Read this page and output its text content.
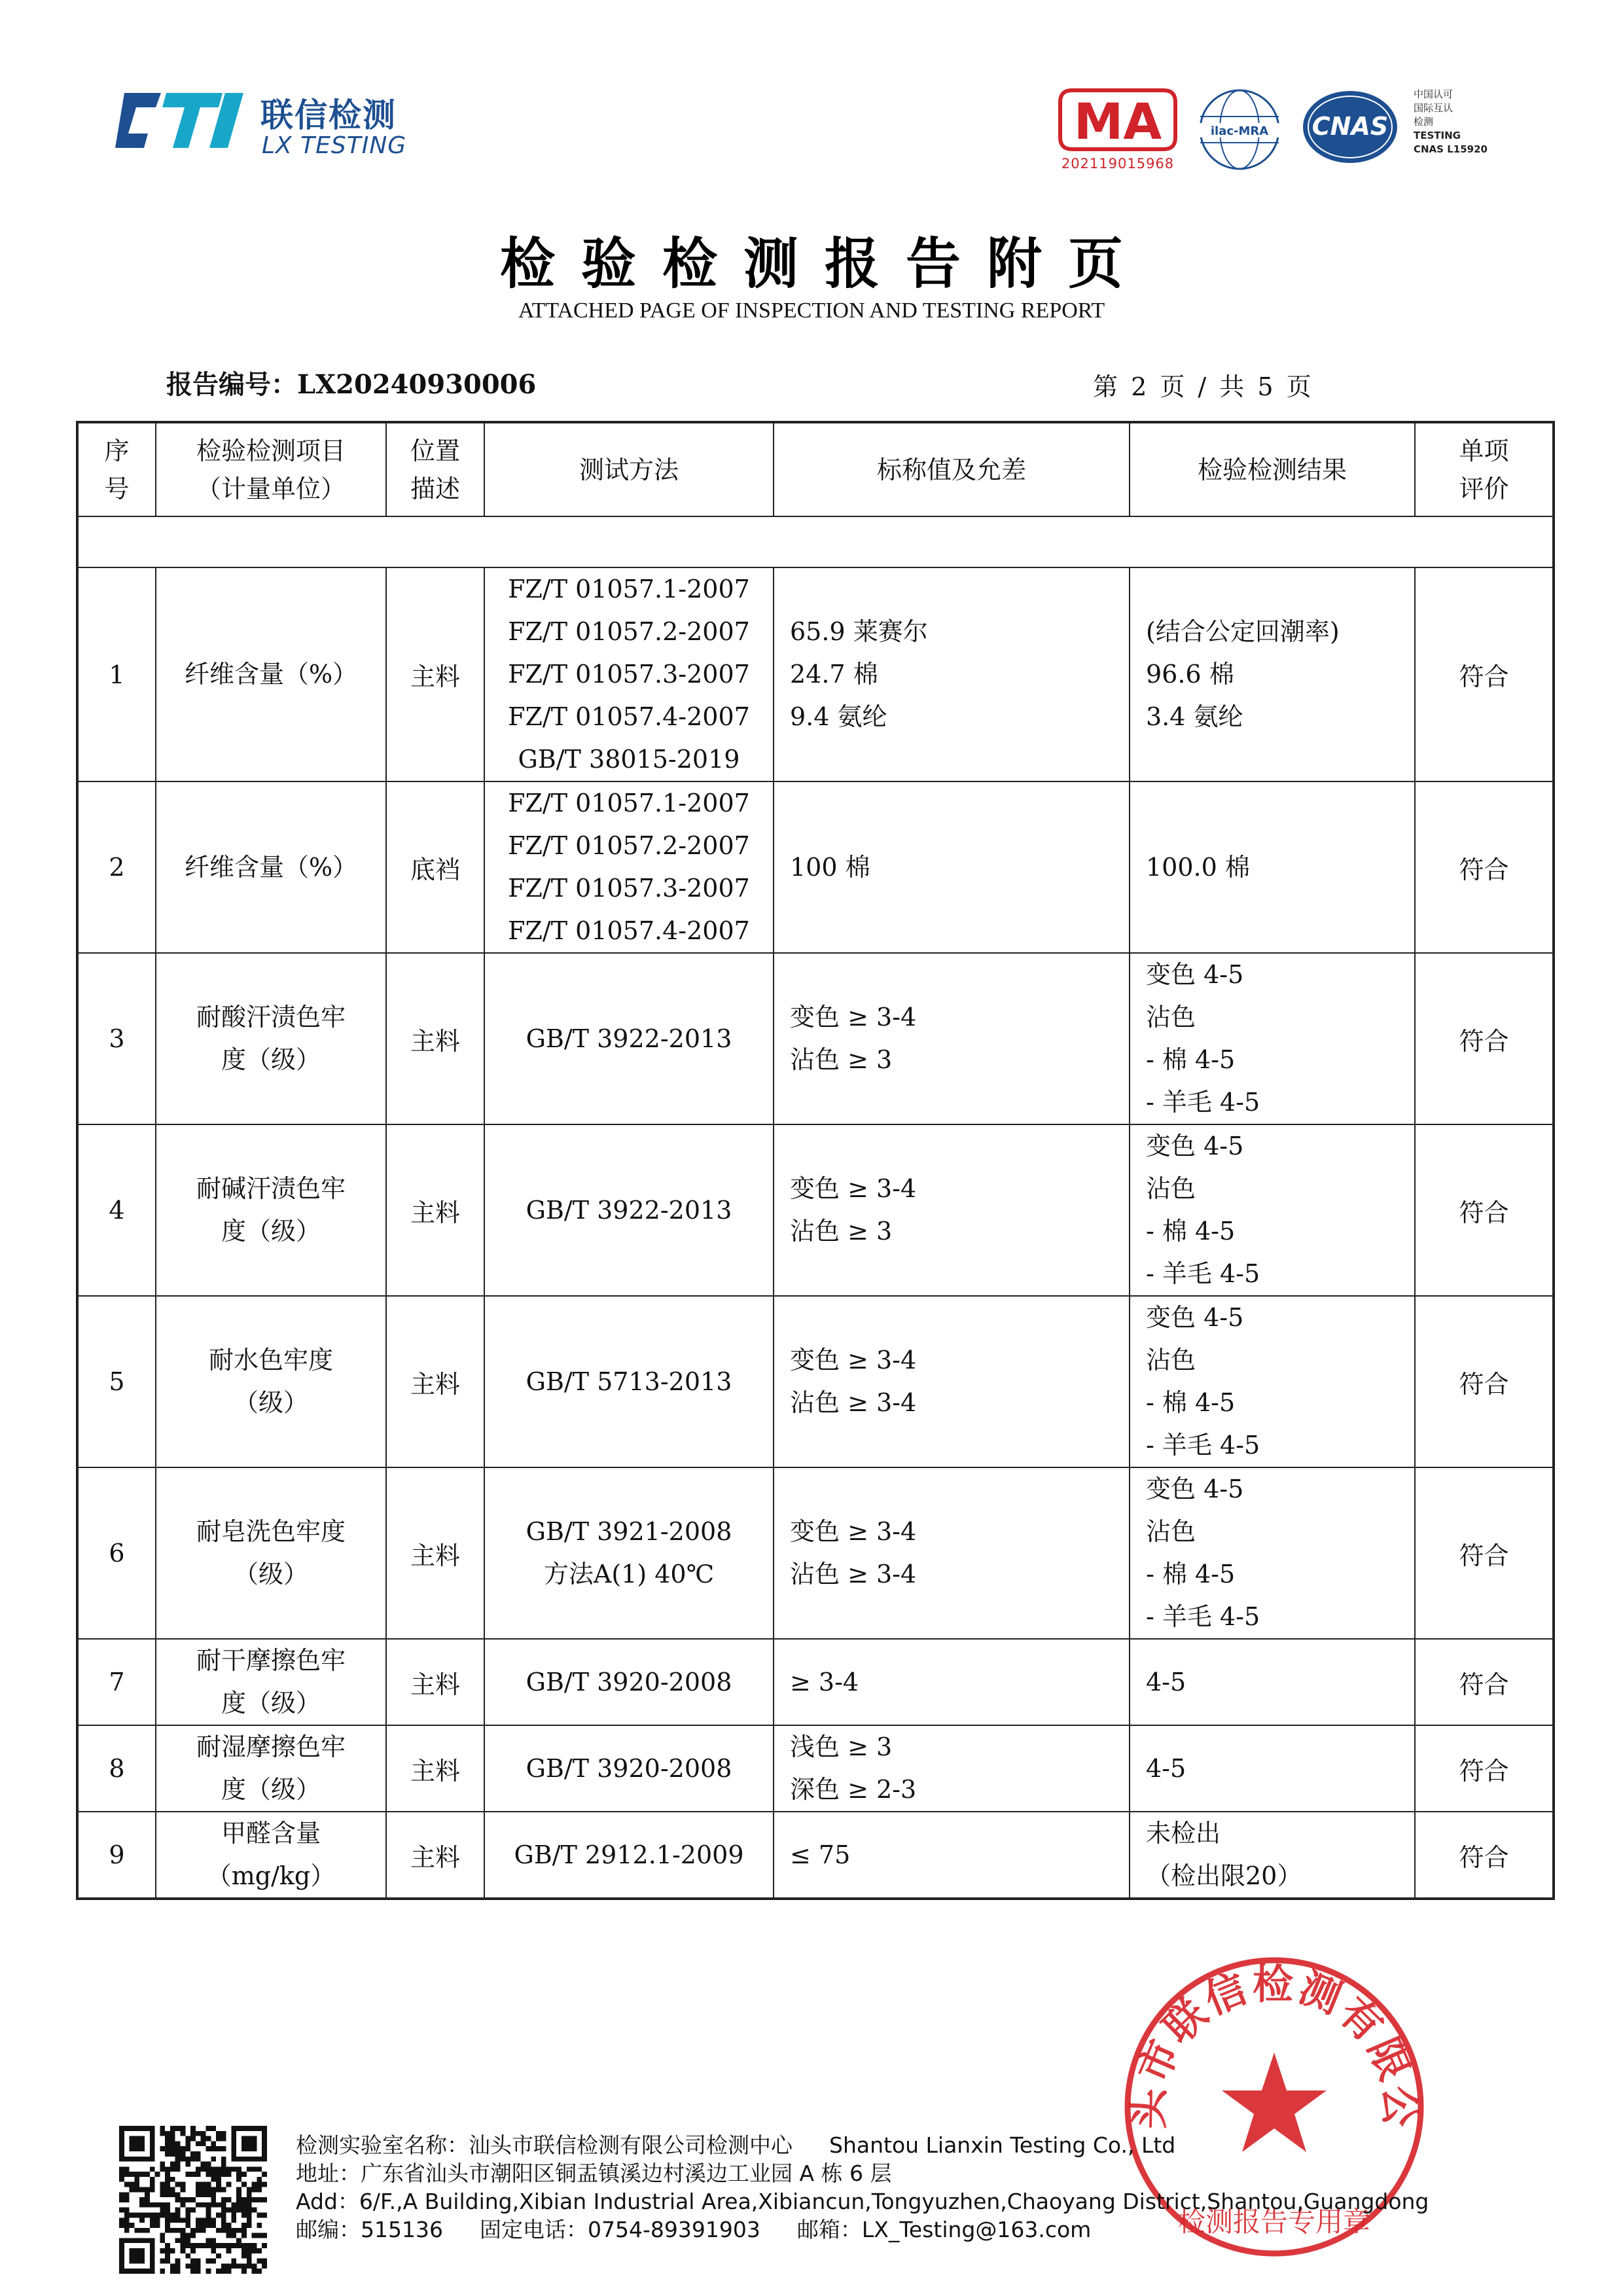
联信检测
LX TESTING	MA
202119015968
ilac-MRA CNAS
中国认可
国际互认
检测
TESTING
CNAS L15920
检验检测报告附页
ATTACHED PAGE OF INSPECTION AND TESTING REPORT
报告编号：LX20240930006	第 2 页 / 共 5 页
序
号	检验检测项目
（计量单位）	位置
描述	测试方法	标称值及允差	检验检测结果	单项
评价

1	纤维含量（%）	主料	FZ/T 01057.1-2007
FZ/T 01057.2-2007
FZ/T 01057.3-2007
FZ/T 01057.4-2007
GB/T 38015-2019	65.9 莱赛尔
24.7 棉
9.4 氨纶	(结合公定回潮率)
96.6 棉
3.4 氨纶	符合
2	纤维含量（%）	底裆	FZ/T 01057.1-2007
FZ/T 01057.2-2007
FZ/T 01057.3-2007
FZ/T 01057.4-2007	100 棉	100.0 棉	符合
3	耐酸汗渍色牢
度（级）	主料	GB/T 3922-2013	变色 ≥ 3-4
沾色 ≥ 3	变色 4-5
沾色
- 棉 4-5
- 羊毛 4-5	符合
4	耐碱汗渍色牢
度（级）	主料	GB/T 3922-2013	变色 ≥ 3-4
沾色 ≥ 3	变色 4-5
沾色
- 棉 4-5
- 羊毛 4-5	符合
5	耐水色牢度
（级）	主料	GB/T 5713-2013	变色 ≥ 3-4
沾色 ≥ 3-4	变色 4-5
沾色
- 棉 4-5
- 羊毛 4-5	符合
6	耐皂洗色牢度
（级）	主料	GB/T 3921-2008
方法A(1) 40℃	变色 ≥ 3-4
沾色 ≥ 3-4	变色 4-5
沾色
- 棉 4-5
- 羊毛 4-5	符合
7	耐干摩擦色牢
度（级）	主料	GB/T 3920-2008	≥ 3-4	4-5	符合
8	耐湿摩擦色牢
度（级）	主料	GB/T 3920-2008	浅色 ≥ 3
深色 ≥ 2-3	4-5	符合
9	甲醛含量
（mg/kg）	主料	GB/T 2912.1-2009	≤ 75	未检出
（检出限20）	符合
头市联信检测有限公
检测报告专用章
检测实验室名称：汕头市联信检测有限公司检测中心 Shantou Lianxin Testing Co., Ltd
地址：广东省汕头市潮阳区铜盂镇溪边村溪边工业园 A 栋 6 层
Add：6/F.,A Building,Xibian Industrial Area,Xibiancun,Tongyuzhen,Chaoyang District,Shantou,Guangdong
邮编：515136 固定电话：0754-89391903 邮箱：LX_Testing@163.com
